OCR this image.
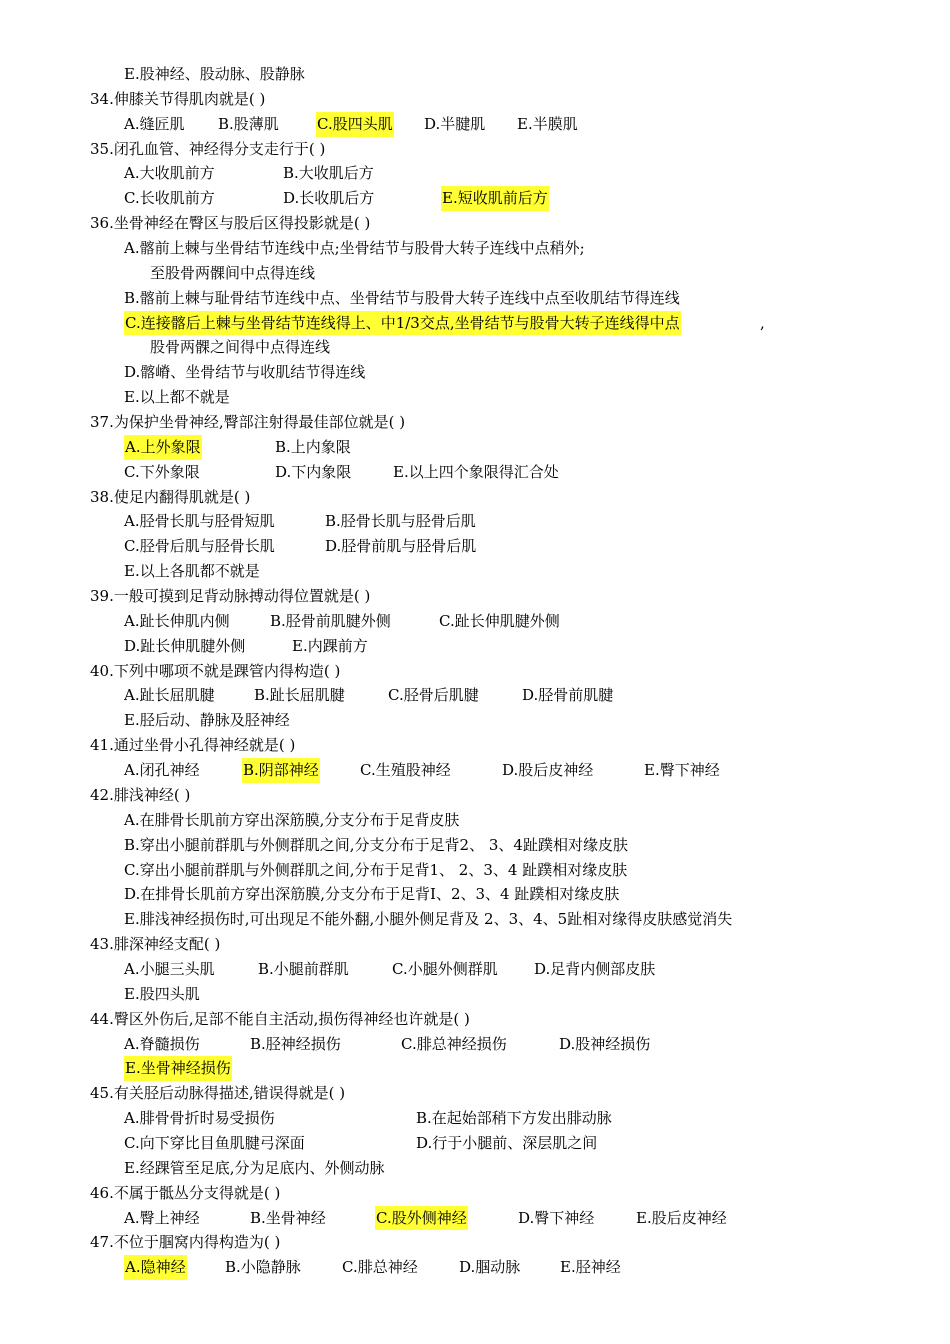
E.股神经、股动脉、股静脉
34.伸膝关节得肌肉就是( )
A.缝匠肌 B.股薄肌	C.股四头肌 D.半腱肌 E.半膜肌
35.闭孔血管、神经得分支走行于( )
A.大收肌前方	B.大收肌后方
C.长收肌前方	D.长收肌后方	E.短收肌前后方
36.坐骨神经在臀区与股后区得投影就是( )
A.髂前上棘与坐骨结节连线中点;坐骨结节与股骨大转子连线中点稍外;
至股骨两髁间中点得连线
B.髂前上棘与耻骨结节连线中点、坐骨结节与股骨大转子连线中点至收肌结节得连线
C.连接髂后上棘与坐骨结节连线得上、中1/3交点,坐骨结节与股骨大转子连线得中点	,
股骨两髁之间得中点得连线
D.髂嵴、坐骨结节与收肌结节得连线
E.以上都不就是
37.为保护坐骨神经,臀部注射得最佳部位就是( )
A.上外象限	B.上内象限
C.下外象限	D.下内象限	E.以上四个象限得汇合处
38.使足内翻得肌就是( )
A.胫骨长肌与胫骨短肌	B.胫骨长肌与胫骨后肌
C.胫骨后肌与胫骨长肌	D.胫骨前肌与胫骨后肌
E.以上各肌都不就是
39.一般可摸到足背动脉搏动得位置就是( )
A.趾长伸肌内侧	B.胫骨前肌腱外侧	C.趾长伸肌腱外侧
D.趾长伸肌腱外侧	E.内踝前方
40.下列中哪项不就是踝管内得构造( )
A.趾长屈肌腱	B.趾长屈肌腱	C.胫骨后肌腱	D.胫骨前肌腱
E.胫后动、静脉及胫神经
41.通过坐骨小孔得神经就是( )
A.闭孔神经	B.阴部神经	C.生殖股神经	D.股后皮神经	E.臀下神经
42.腓浅神经( )
A.在腓骨长肌前方穿出深筋膜,分支分布于足背皮肤
B.穿出小腿前群肌与外侧群肌之间,分支分布于足背2、 3、4趾蹼相对缘皮肤
C.穿出小腿前群肌与外侧群肌之间,分布于足背1、 2、3、4 趾蹼相对缘皮肤
D.在排骨长肌前方穿出深筋膜,分支分布于足背I、2、3、4 趾蹼相对缘皮肤
E.腓浅神经损伤时,可出现足不能外翻,小腿外侧足背及 2、3、4、5趾相对缘得皮肤感觉消失
43.腓深神经支配( )
A.小腿三头肌	B.小腿前群肌	C.小腿外侧群肌 D.足背内侧部皮肤
E.股四头肌
44.臀区外伤后,足部不能自主活动,损伤得神经也许就是( )
A.脊髓损伤	B.胫神经损伤	C.腓总神经损伤	D.股神经损伤
E.坐骨神经损伤
45.有关胫后动脉得描述,错误得就是( )
A.腓骨骨折时易受损伤	B.在起始部稍下方发出腓动脉
C.向下穿比目鱼肌腱弓深面	D.行于小腿前、深层肌之间
E.经踝管至足底,分为足底内、外侧动脉
46.不属于骶丛分支得就是( )
A.臀上神经	B.坐骨神经	C.股外侧神经	D.臀下神经	E.股后皮神经
47.不位于腘窝内得构造为( )
A.隐神经	B.小隐静脉	C.腓总神经	D.腘动脉	E.胫神经
